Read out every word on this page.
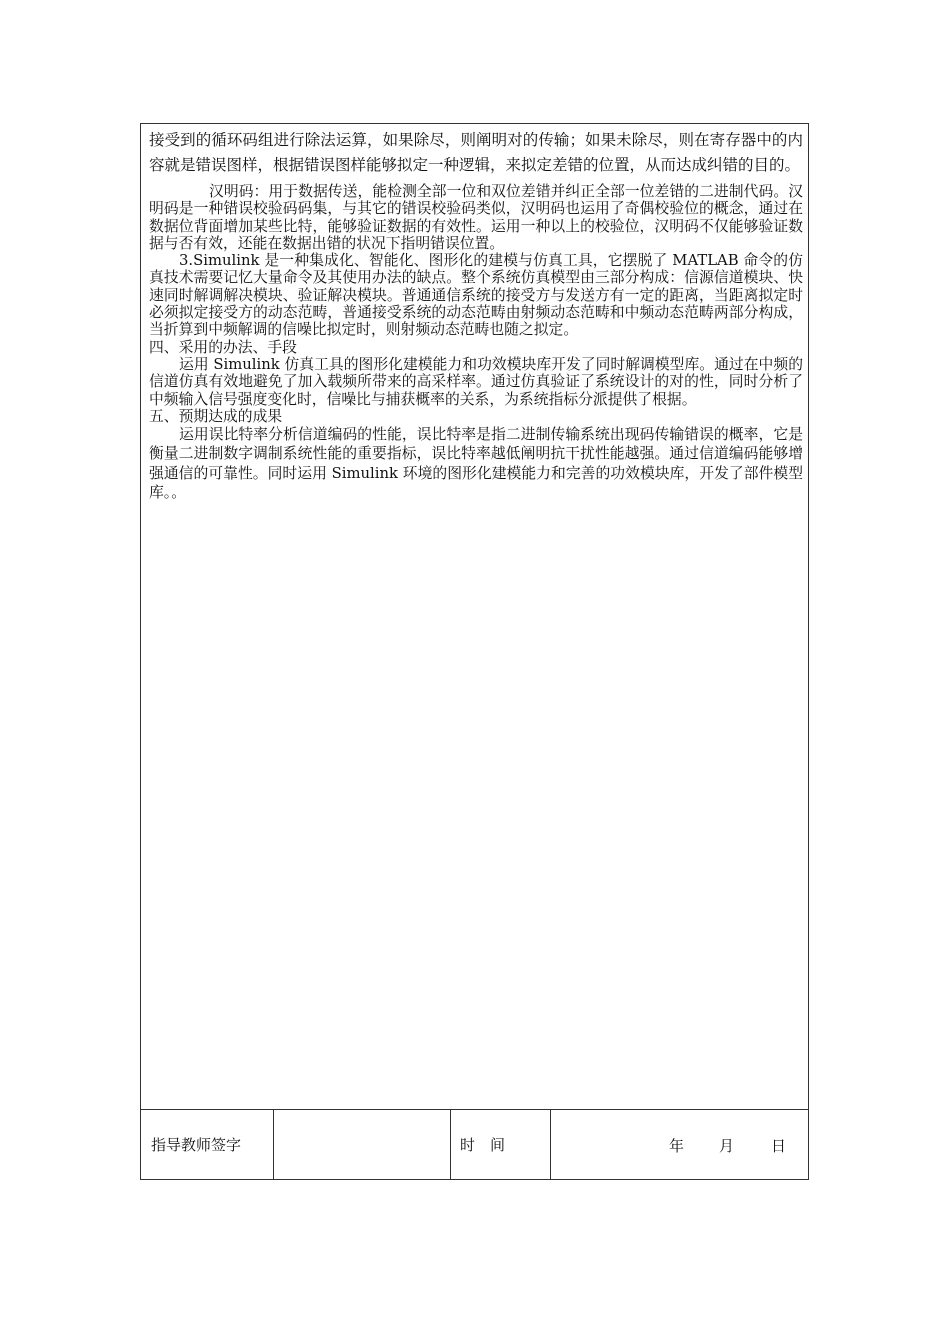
接受到的循环码组进行除法运算，如果除尽，则阐明对的传输；如果未除尽，则在寄存器中的内容就是错误图样，根据错误图样能够拟定一种逻辑，来拟定差错的位置，从而达成纠错的目的。

汉明码：用于数据传送，能检测全部一位和双位差错并纠正全部一位差错的二进制代码。汉明码是一种错误校验码码集，与其它的错误校验码类似，汉明码也运用了奇偶校验位的概念，通过在数据位背面增加某些比特，能够验证数据的有效性。运用一种以上的校验位，汉明码不仅能够验证数据与否有效，还能在数据出错的状况下指明错误位置。

3.Simulink 是一种集成化、智能化、图形化的建模与仿真工具，它摆脱了 MATLAB 命令的仿真技术需要记忆大量命令及其使用办法的缺点。整个系统仿真模型由三部分构成：信源信道模块、快速同时解调解决模块、验证解决模块。普通通信系统的接受方与发送方有一定的距离，当距离拟定时必须拟定接受方的动态范畴，普通接受系统的动态范畴由射频动态范畴和中频动态范畴两部分构成，当折算到中频解调的信噪比拟定时，则射频动态范畴也随之拟定。

四、采用的办法、手段

运用 Simulink 仿真工具的图形化建模能力和功效模块库开发了同时解调模型库。通过在中频的信道仿真有效地避免了加入载频所带来的高采样率。通过仿真验证了系统设计的对的性，同时分析了中频输入信号强度变化时，信噪比与捕获概率的关系，为系统指标分派提供了根据。

五、预期达成的成果

运用误比特率分析信道编码的性能，误比特率是指二进制传输系统出现码传输错误的概率，它是衡量二进制数字调制系统性能的重要指标，误比特率越低阐明抗干扰性能越强。通过信道编码能够增强通信的可靠性。同时运用 Simulink 环境的图形化建模能力和完善的功效模块库，开发了部件模型库。。

指导教师签字	时　间	年 月 日
